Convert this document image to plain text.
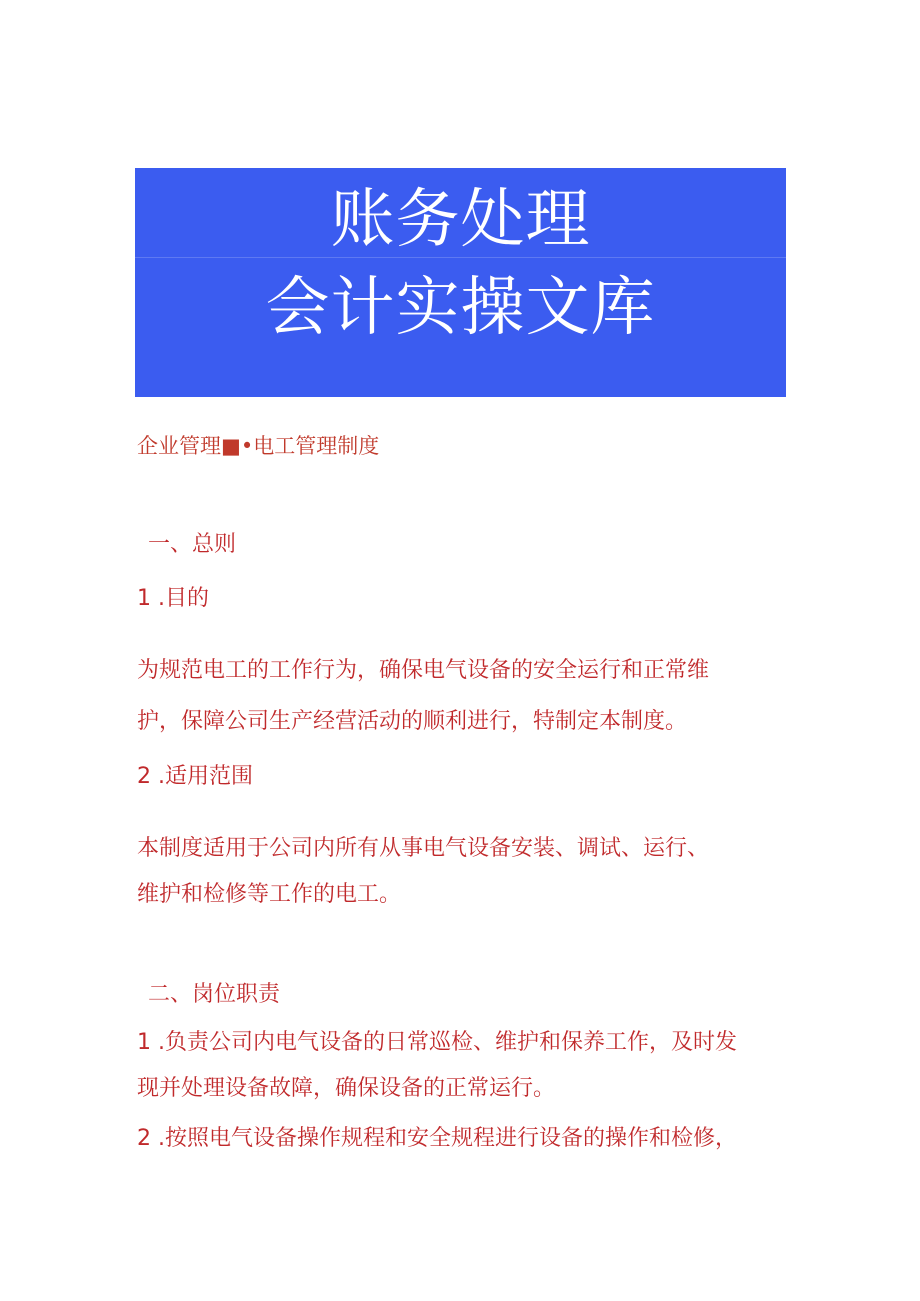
账务处理
会计实操文库
企业管理■•电工管理制度
一、总则
1 .目的
为规范电工的工作行为，确保电气设备的安全运行和正常维
护，保障公司生产经营活动的顺利进行，特制定本制度。
2 .适用范围
本制度适用于公司内所有从事电气设备安装、调试、运行、
维护和检修等工作的电工。
二、岗位职责
1 .负责公司内电气设备的日常巡检、维护和保养工作，及时发
现并处理设备故障，确保设备的正常运行。
2 .按照电气设备操作规程和安全规程进行设备的操作和检修，
